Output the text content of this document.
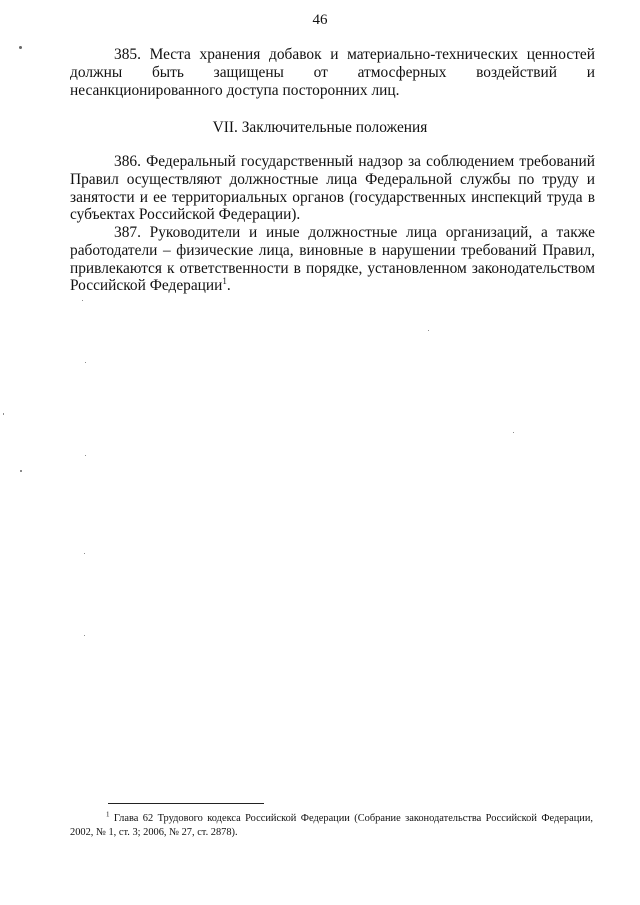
46

385. Места хранения добавок и материально-технических ценностей должны быть защищены от атмосферных воздействий и несанкционированного доступа посторонних лиц.

VII. Заключительные положения

386. Федеральный государственный надзор за соблюдением требований Правил осуществляют должностные лица Федеральной службы по труду и занятости и ее территориальных органов (государственных инспекций труда в субъектах Российской Федерации).

387. Руководители и иные должностные лица организаций, а также работодатели – физические лица, виновные в нарушении требований Правил, привлекаются к ответственности в порядке, установленном законодательством Российской Федерации$^1$.

$^1$ Глава 62 Трудового кодекса Российской Федерации (Собрание законодательства Российской Федерации, 2002, № 1, ст. 3; 2006, № 27, ст. 2878).
